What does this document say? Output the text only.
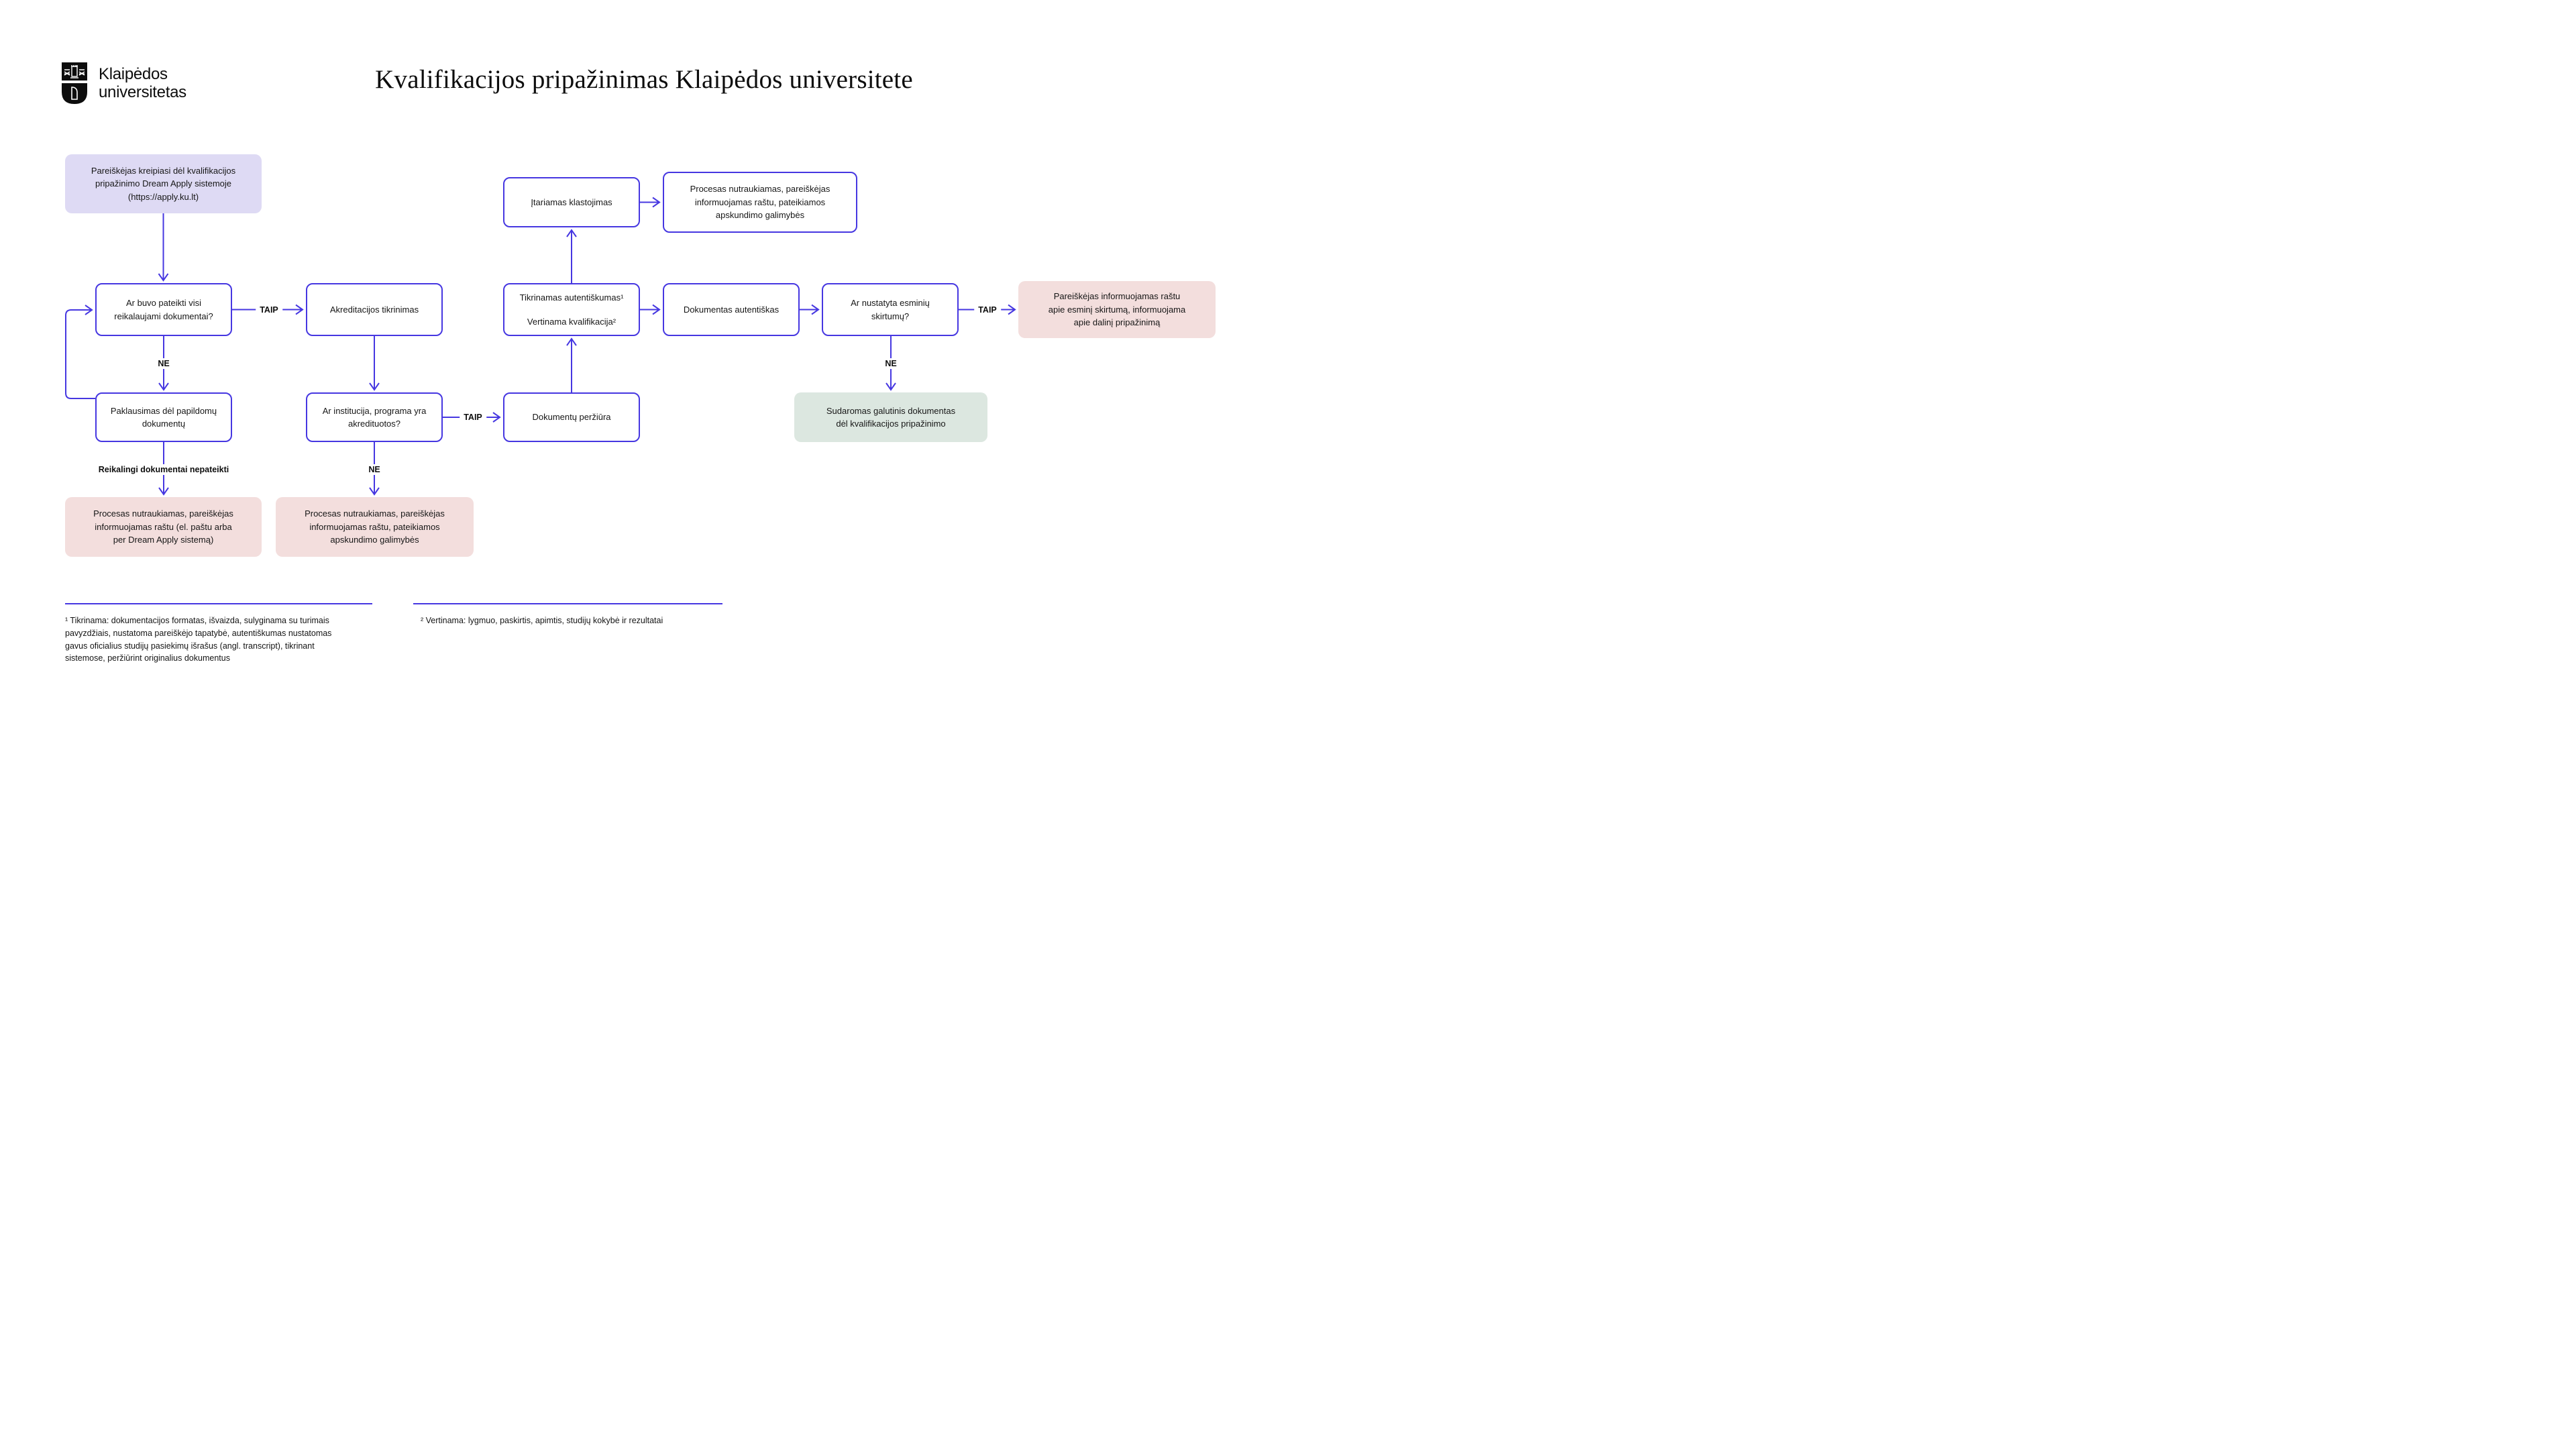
Klaipėdos
universitetas	Kvalifikacijos pripažinimas Klaipėdos universitete
Įtariamas klastojimas
Procesas nutraukiamas, pareiškėjas
informuojamas raštu, pateikiamos
apskundimo galimybės
Pareiškėjas kreipiasi dėl kvalifikacijos
pripažinimo Dream Apply sistemoje
(https://apply.ku.lt)
Ar buvo pateikti visi
reikalaujami dokumentai?
Akreditacijos tikrinimas
Tikrinamas autentiškumas¹
Vertinama kvalifikacija²
Dokumentas autentiškas
Ar nustatyta esminių
skirtumų?
Pareiškėjas informuojamas raštu
apie esminį skirtumą, informuojama
apie dalinį pripažinimą
Paklausimas dėl papildomų
dokumentų
Ar institucija, programa yra
akredituotos?
Dokumentų peržiūra
Sudaromas galutinis dokumentas
dėl kvalifikacijos pripažinimo
Procesas nutraukiamas, pareiškėjas
informuojamas raštu (el. paštu arba
per Dream Apply sistemą)
Procesas nutraukiamas, pareiškėjas
informuojamas raštu, pateikiamos
apskundimo galimybės
TAIP
NE
Reikalingi dokumentai nepateikti
TAIP
NE
TAIP
NE
¹ Tikrinama: dokumentacijos formatas, išvaizda, sulyginama su turimais pavyzdžiais, nustatoma pareiškėjo tapatybė, autentiškumas nustatomas gavus oficialius studijų pasiekimų išrašus (angl. transcript), tikrinant sistemose, peržiūrint originalius dokumentus
² Vertinama: lygmuo, paskirtis, apimtis, studijų kokybė ir rezultatai
